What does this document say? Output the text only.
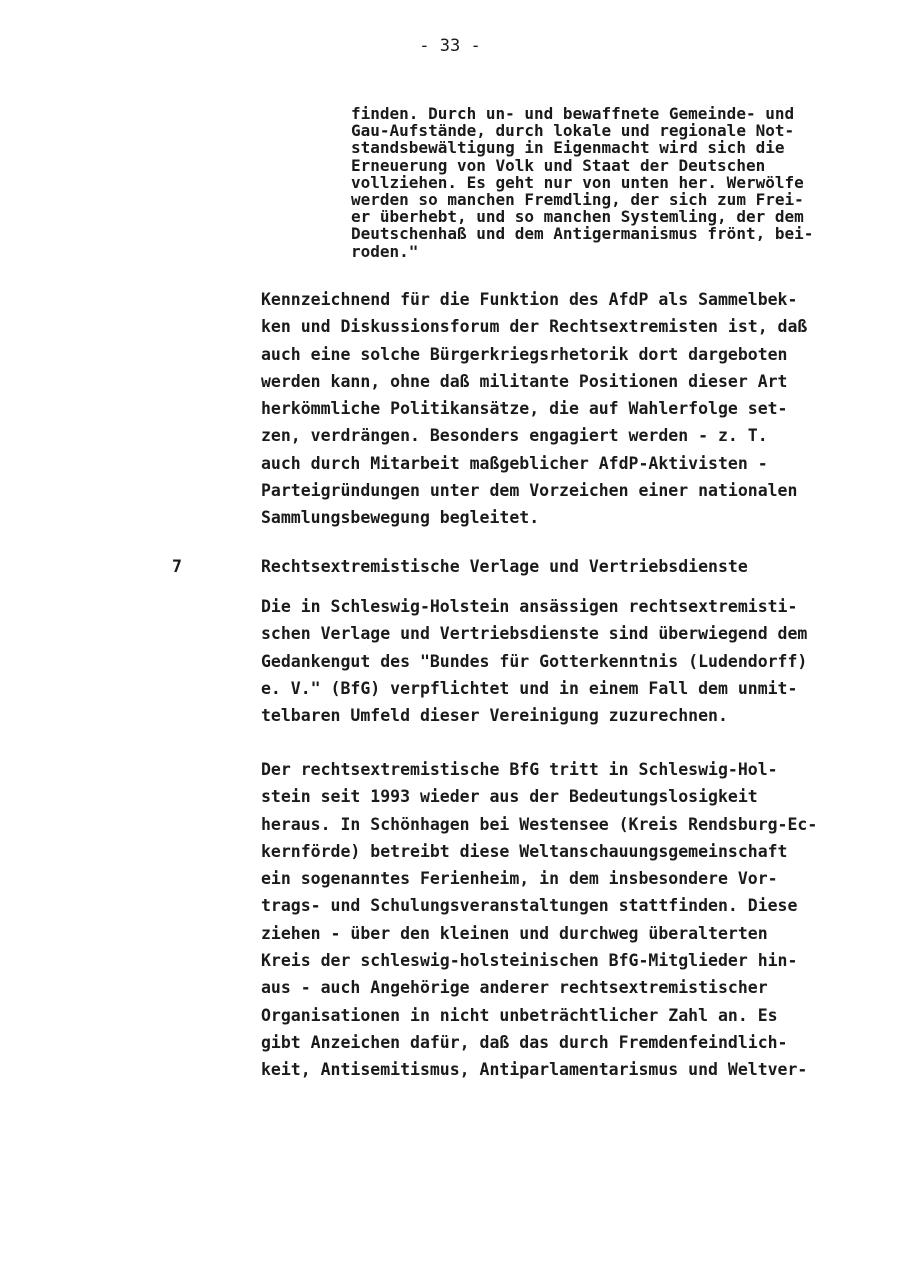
- 33 -
finden. Durch un- und bewaffnete Gemeinde- und
Gau-Aufstände, durch lokale und regionale Not-
standsbewältigung in Eigenmacht wird sich die
Erneuerung von Volk und Staat der Deutschen
vollziehen. Es geht nur von unten her. Werwölfe
werden so manchen Fremdling, der sich zum Frei-
er überhebt, und so manchen Systemling, der dem
Deutschenhaß und dem Antigermanismus frönt, bei-
roden."
Kennzeichnend für die Funktion des AfdP als Sammelbek-
ken und Diskussionsforum der Rechtsextremisten ist, daß
auch eine solche Bürgerkriegsrhetorik dort dargeboten
werden kann, ohne daß militante Positionen dieser Art
herkömmliche Politikansätze, die auf Wahlerfolge set-
zen, verdrängen. Besonders engagiert werden - z. T.
auch durch Mitarbeit maßgeblicher AfdP-Aktivisten -
Parteigründungen unter dem Vorzeichen einer nationalen
Sammlungsbewegung begleitet.
7	Rechtsextremistische Verlage und Vertriebsdienste
Die in Schleswig-Holstein ansässigen rechtsextremisti-
schen Verlage und Vertriebsdienste sind überwiegend dem
Gedankengut des "Bundes für Gotterkenntnis (Ludendorff)
e. V." (BfG) verpflichtet und in einem Fall dem unmit-
telbaren Umfeld dieser Vereinigung zuzurechnen.
Der rechtsextremistische BfG tritt in Schleswig-Hol-
stein seit 1993 wieder aus der Bedeutungslosigkeit
heraus. In Schönhagen bei Westensee (Kreis Rendsburg-Ec-
kernförde) betreibt diese Weltanschauungsgemeinschaft
ein sogenanntes Ferienheim, in dem insbesondere Vor-
trags- und Schulungsveranstaltungen stattfinden. Diese
ziehen - über den kleinen und durchweg überalterten
Kreis der schleswig-holsteinischen BfG-Mitglieder hin-
aus - auch Angehörige anderer rechtsextremistischer
Organisationen in nicht unbeträchtlicher Zahl an. Es
gibt Anzeichen dafür, daß das durch Fremdenfeindlich-
keit, Antisemitismus, Antiparlamentarismus und Weltver-
